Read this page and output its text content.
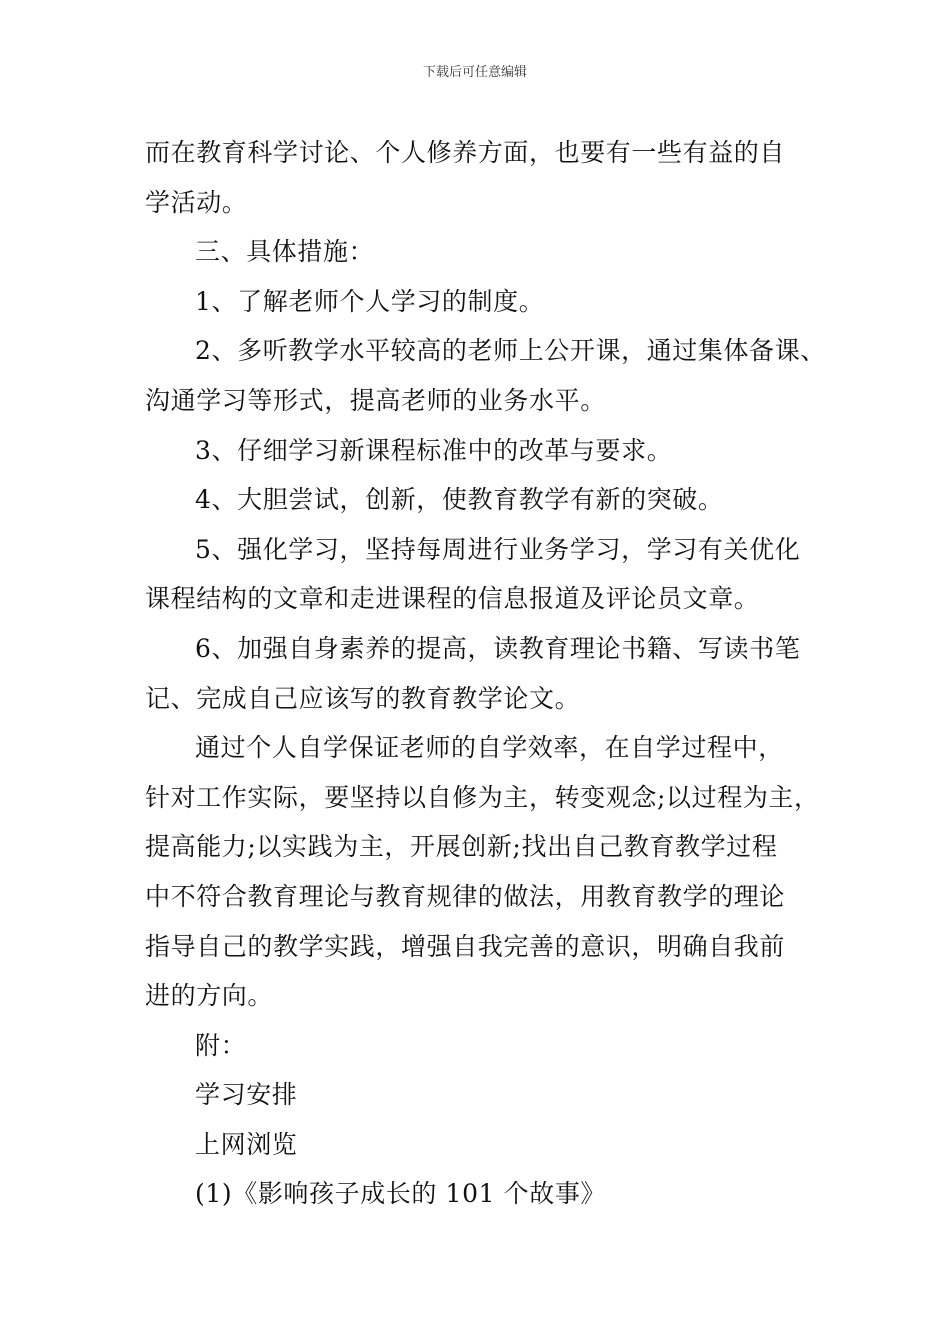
下载后可任意编辑
而在教育科学讨论、个人修养方面，也要有一些有益的自
学活动。
三、具体措施：
1、了解老师个人学习的制度。
2、多听教学水平较高的老师上公开课，通过集体备课、
沟通学习等形式，提高老师的业务水平。
3、仔细学习新课程标准中的改革与要求。
4、大胆尝试，创新，使教育教学有新的突破。
5、强化学习，坚持每周进行业务学习，学习有关优化
课程结构的文章和走进课程的信息报道及评论员文章。
6、加强自身素养的提高，读教育理论书籍、写读书笔
记、完成自己应该写的教育教学论文。
通过个人自学保证老师的自学效率，在自学过程中，
针对工作实际，要坚持以自修为主，转变观念;以过程为主，
提高能力;以实践为主，开展创新;找出自己教育教学过程
中不符合教育理论与教育规律的做法，用教育教学的理论
指导自己的教学实践，增强自我完善的意识，明确自我前
进的方向。
附：
学习安排
上网浏览
(1)《影响孩子成长的 101 个故事》
